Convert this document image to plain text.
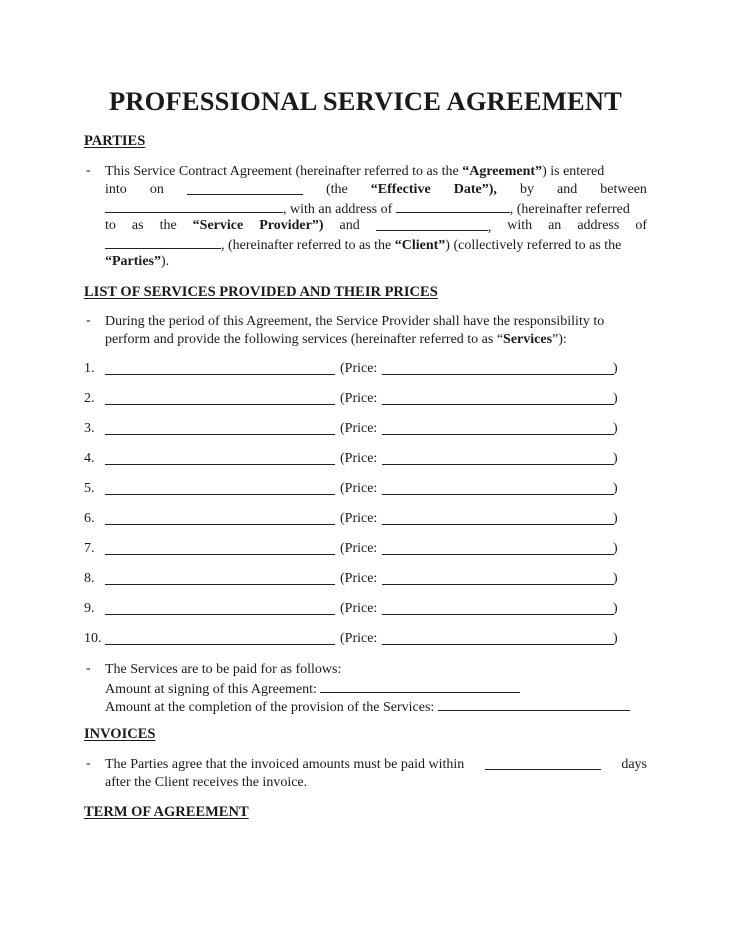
PROFESSIONAL SERVICE AGREEMENT
PARTIES
- This Service Contract Agreement (hereinafter referred to as the “Agreement”) is entered
into on	(the “Effective Date”), by and between
, with an address of	, (hereinafter referred
to as the “Service Provider”) and	, with an address of
, (hereinafter referred to as the “Client”) (collectively referred to as the
“Parties”).
LIST OF SERVICES PROVIDED AND THEIR PRICES
- During the period of this Agreement, the Service Provider shall have the responsibility to
perform and provide the following services (hereinafter referred to as “Services”):
1.	(Price:	)
2.	(Price:	)
3.	(Price:	)
4.	(Price:	)
5.	(Price:	)
6.	(Price:	)
7.	(Price:	)
8.	(Price:	)
9.	(Price:	)
10.	(Price:	)
- The Services are to be paid for as follows:
Amount at signing of this Agreement:
Amount at the completion of the provision of the Services:
INVOICES
- The Parties agree that the invoiced amounts must be paid within	days
after the Client receives the invoice.
TERM OF AGREEMENT
